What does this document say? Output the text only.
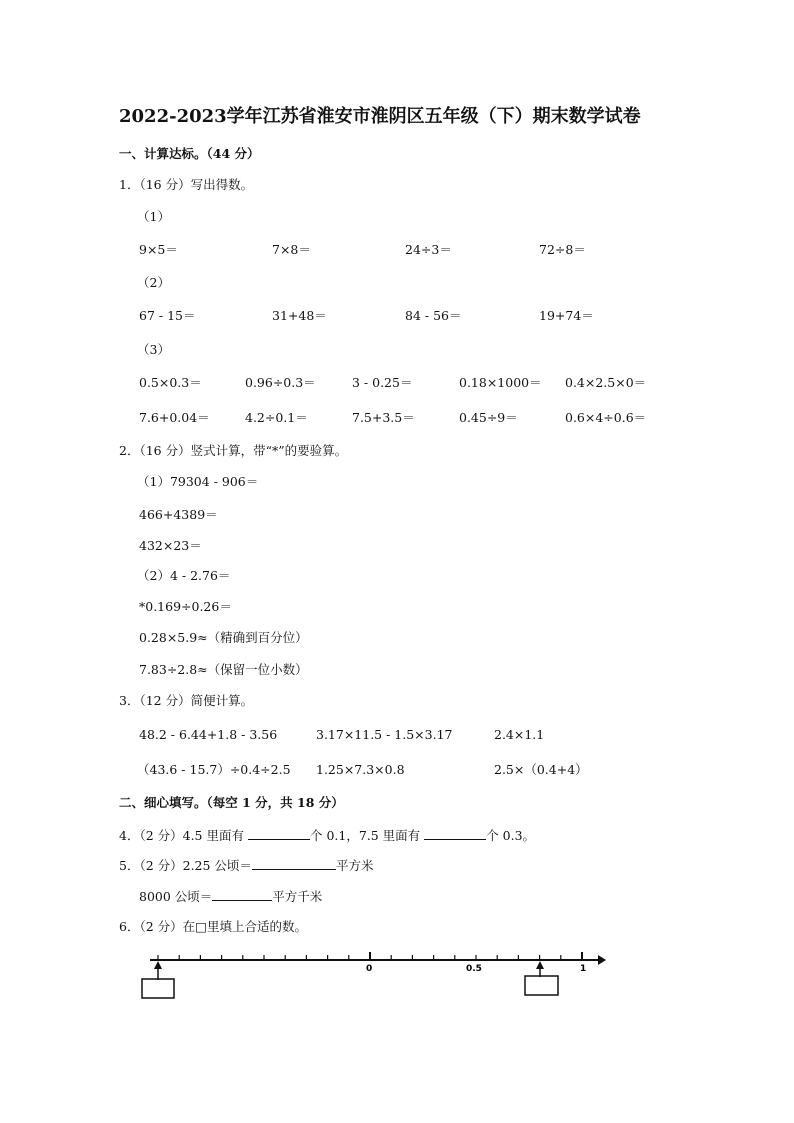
2022-2023学年江苏省淮安市淮阴区五年级（下）期末数学试卷
一、计算达标。（44 分）
1．（16 分）写出得数。
（1）
9×5＝	7×8＝	24÷3＝	72÷8＝
（2）
67 - 15＝	31+48＝	84 - 56＝	19+74＝
（3）
0.5×0.3＝	0.96÷0.3＝	3 - 0.25＝	0.18×1000＝ 0.4×2.5×0＝
7.6+0.04＝	4.2÷0.1＝	7.5+3.5＝	0.45÷9＝	0.6×4÷0.6＝
2．（16 分）竖式计算，带“*”的要验算。
（1）79304 - 906＝
466+4389＝
432×23＝
（2）4 - 2.76＝
*0.169÷0.26＝
0.28×5.9≈（精确到百分位）
7.83÷2.8≈（保留一位小数）
3．（12 分）简便计算。
48.2 - 6.44+1.8 - 3.56	3.17×11.5 - 1.5×3.17	2.4×1.1
（43.6 - 15.7）÷0.4÷2.5 1.25×7.3×0.8	2.5×（0.4+4）
二、细心填写。（每空 1 分，共 18 分）
4．（2 分）4.5 里面有	个 0.1，7.5 里面有	个 0.3。
5．（2 分）2.25 公顷＝	平方米
8000 公顷＝	平方千米
6．（2 分）在□里填上合适的数。
0	0.5	1
